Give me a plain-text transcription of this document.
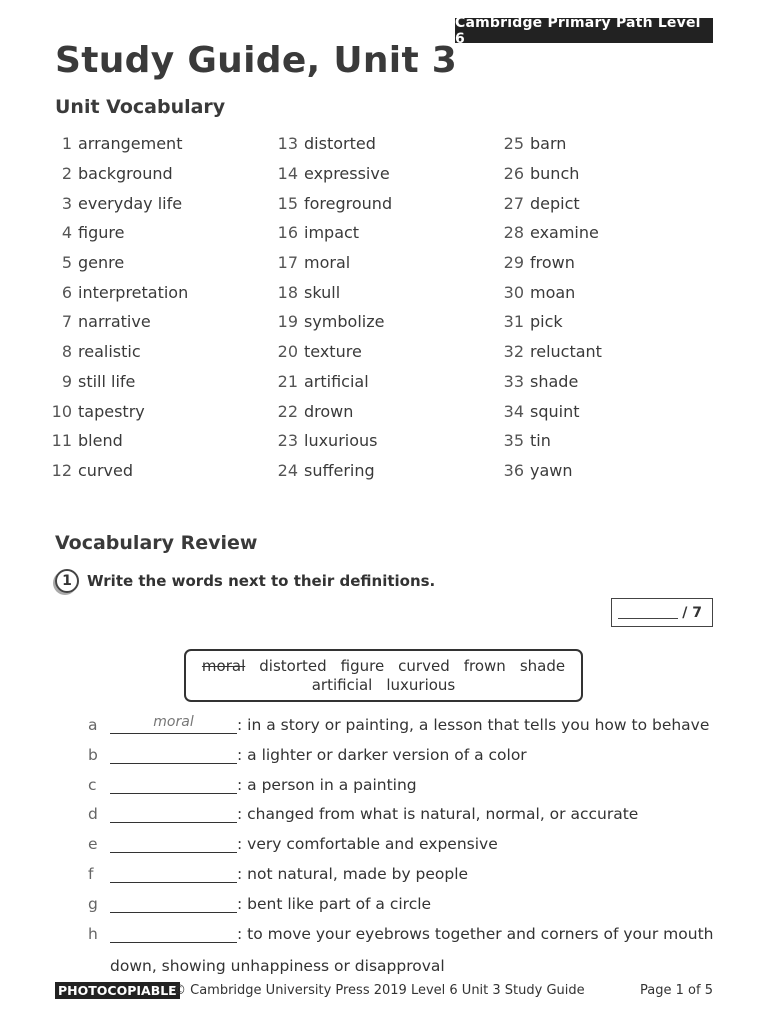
Cambridge Primary Path Level 6
Study Guide, Unit 3
Unit Vocabulary
1 arrangement
2 background
3 everyday life
4 figure
5 genre
6 interpretation
7 narrative
8 realistic
9 still life
10 tapestry
11 blend
12 curved
13 distorted
14 expressive
15 foreground
16 impact
17 moral
18 skull
19 symbolize
20 texture
21 artificial
22 drown
23 luxurious
24 suffering
25 barn
26 bunch
27 depict
28 examine
29 frown
30 moan
31 pick
32 reluctant
33 shade
34 squint
35 tin
36 yawn
Vocabulary Review
1	Write the words next to their definitions.
/ 7
moral distorted figure curved frown shade
artificial luxurious
a	moral	: in a story or painting, a lesson that tells you how to behave
b	: a lighter or darker version of a color
c	: a person in a painting
d	: changed from what is natural, normal, or accurate
e	: very comfortable and expensive
f	: not natural, made by people
g	: bent like part of a circle
h	: to move your eyebrows together and corners of your mouth
down, showing unhappiness or disapproval
PHOTOCOPIABLE
© Cambridge University Press 2019 Level 6 Unit 3 Study Guide	Page 1 of 5
